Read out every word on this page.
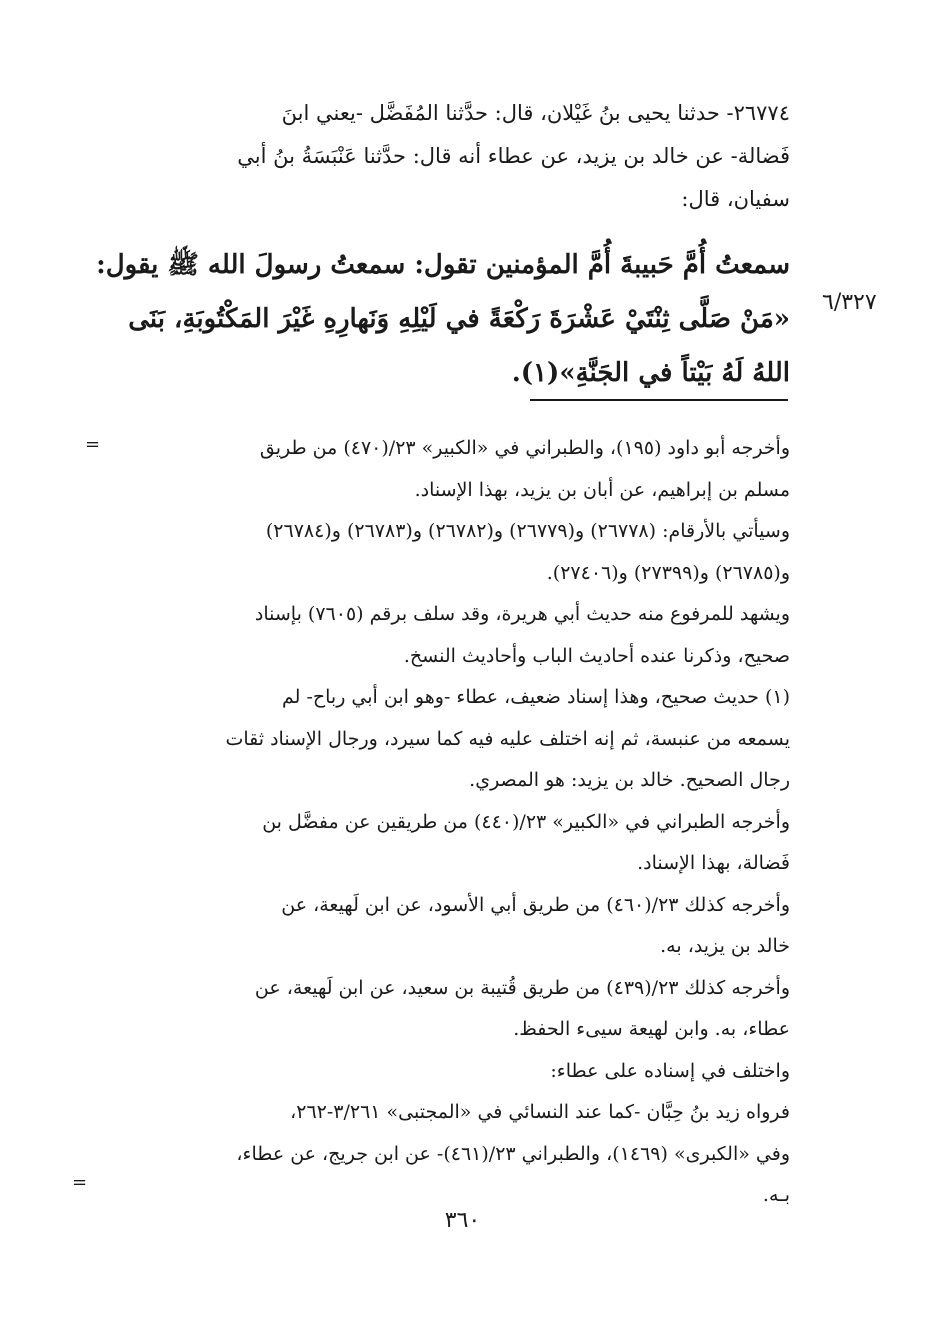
٢٦٧٧٤- حدثنا يحيى بنُ غَيْلان، قال: حدَّثنا المُفَضَّل -يعني ابنَ
فَضالة- عن خالد بن يزيد، عن عطاء أنه قال: حدَّثنا عَنْبَسَةُ بنُ أبي
سفيان، قال:
سمعتُ أُمَّ حَبيبةَ أُمَّ المؤمنين تقول: سمعتُ رسولَ الله ﷺ يقول:
«مَنْ صَلَّى ثِنْتَيْ عَشْرَةَ رَكْعَةً في لَيْلِهِ وَنَهارِهِ غَيْرَ المَكْتُوبَةِ، بَنَى
اللهُ لَهُ بَيْتاً في الجَنَّةِ»(١).
٦/٣٢٧
=	وأخرجه أبو داود (١٩٥)، والطبراني في «الكبير» ٢٣/(٤٧٠) من طريق
مسلم بن إبراهيم، عن أبان بن يزيد، بهذا الإسناد.
وسيأتي بالأرقام: (٢٦٧٧٨) و(٢٦٧٧٩) و(٢٦٧٨٢) و(٢٦٧٨٣) و(٢٦٧٨٤)
و(٢٦٧٨٥) و(٢٧٣٩٩) و(٢٧٤٠٦).
ويشهد للمرفوع منه حديث أبي هريرة، وقد سلف برقم (٧٦٠٥) بإسناد
صحيح، وذكرنا عنده أحاديث الباب وأحاديث النسخ.
(١) حديث صحيح، وهذا إسناد ضعيف، عطاء -وهو ابن أبي رباح- لم
يسمعه من عنبسة، ثم إنه اختلف عليه فيه كما سيرد، ورجال الإسناد ثقات
رجال الصحيح. خالد بن يزيد: هو المصري.
وأخرجه الطبراني في «الكبير» ٢٣/(٤٤٠) من طريقين عن مفضَّل بن
فَضالة، بهذا الإسناد.
وأخرجه كذلك ٢٣/(٤٦٠) من طريق أبي الأسود، عن ابن لَهيعة، عن
خالد بن يزيد، به.
وأخرجه كذلك ٢٣/(٤٣٩) من طريق قُتيبة بن سعيد، عن ابن لَهيعة، عن
عطاء، به. وابن لهيعة سيىء الحفظ.
واختلف في إسناده على عطاء:
فرواه زيد بنُ حِبَّان -كما عند النسائي في «المجتبى» ٣/٢٦١-٢٦٢،
وفي «الكبرى» (١٤٦٩)، والطبراني ٢٣/(٤٦١)- عن ابن جريج، عن عطاء،
بـه.
=
٣٦٠
